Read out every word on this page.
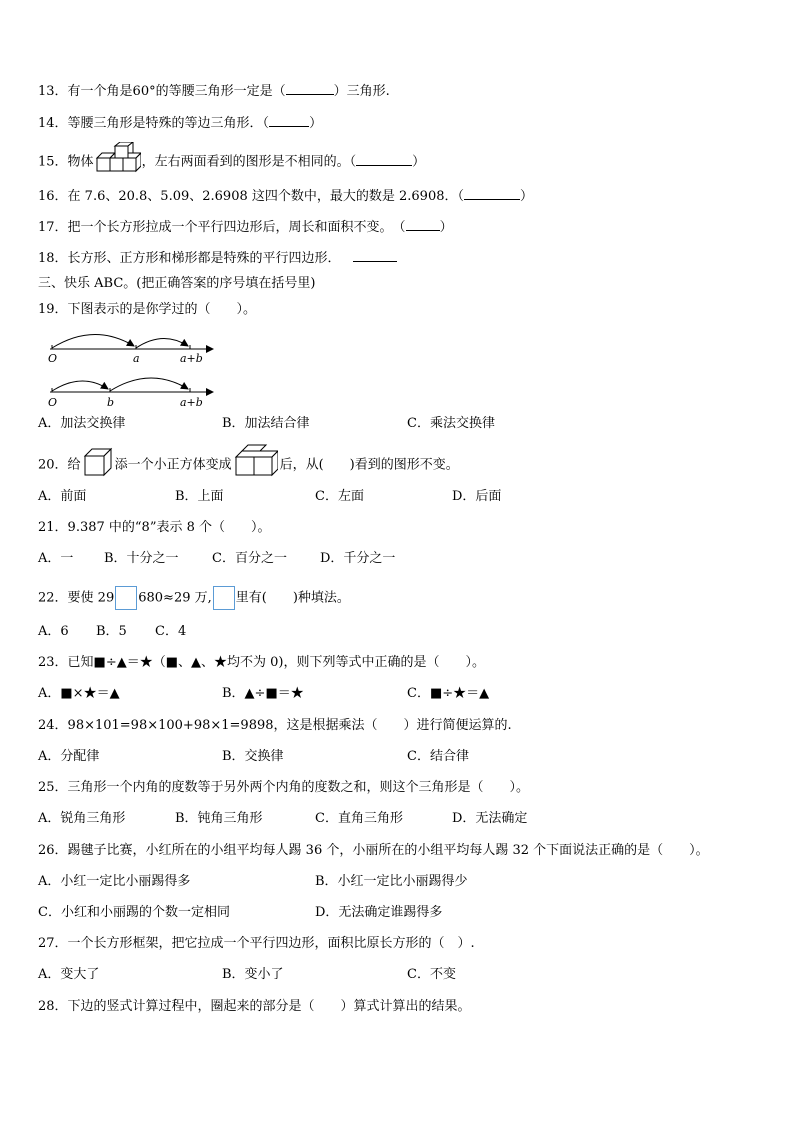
13．有一个角是60°的等腰三角形一定是（	）三角形.
14．等腰三角形是特殊的等边三角形．（	）
15．物体	，左右两面看到的图形是不相同的。（	）
16．在 7.6、20.8、5.09、2.6908 这四个数中，最大的数是 2.6908．（	）
17．把一个长方形拉成一个平行四边形后，周长和面积不变。　（	）
18．长方形、正方形和梯形都是特殊的平行四边形．
三、快乐 ABC。(把正确答案的序号填在括号里)
19．下图表示的是你学过的（　　）。
O	a	a+b
O	b	a+b
A．加法交换律	B．加法结合律	C．乘法交换律
20．给	添一个小正方体变成	后，从(　　)看到的图形不变。
A．前面	B．上面	C．左面	D．后面
21．9.387 中的“8”表示 8 个（　　）。
A．一 B．十分之一	C．百分之一	D．千分之一
22．要使 29 680≈29 万, 里有(　　)种填法。
A．6 B．5 C．4
23．已知■÷▲＝★（■、▲、★均不为 0)，则下列等式中正确的是（　　）。
A．■×★＝▲	B．▲÷■＝★	C．■÷★＝▲
24．98×101=98×100+98×1=9898，这是根据乘法（　　）进行简便运算的.
A．分配律	B．交换律	C．结合律
25．三角形一个内角的度数等于另外两个内角的度数之和，则这个三角形是（　　）。
A．锐角三角形	B．钝角三角形	C．直角三角形	D．无法确定
26．踢毽子比赛，小红所在的小组平均每人踢 36 个，小丽所在的小组平均每人踢 32 个下面说法正确的是（　　）。
A．小红一定比小丽踢得多	B．小红一定比小丽踢得少
C．小红和小丽踢的个数一定相同	D．无法确定谁踢得多
27．一个长方形框架，把它拉成一个平行四边形，面积比原长方形的（　）.
A．变大了	B．变小了	C．不变
28．下边的竖式计算过程中，圈起来的部分是（　　）算式计算出的结果。
